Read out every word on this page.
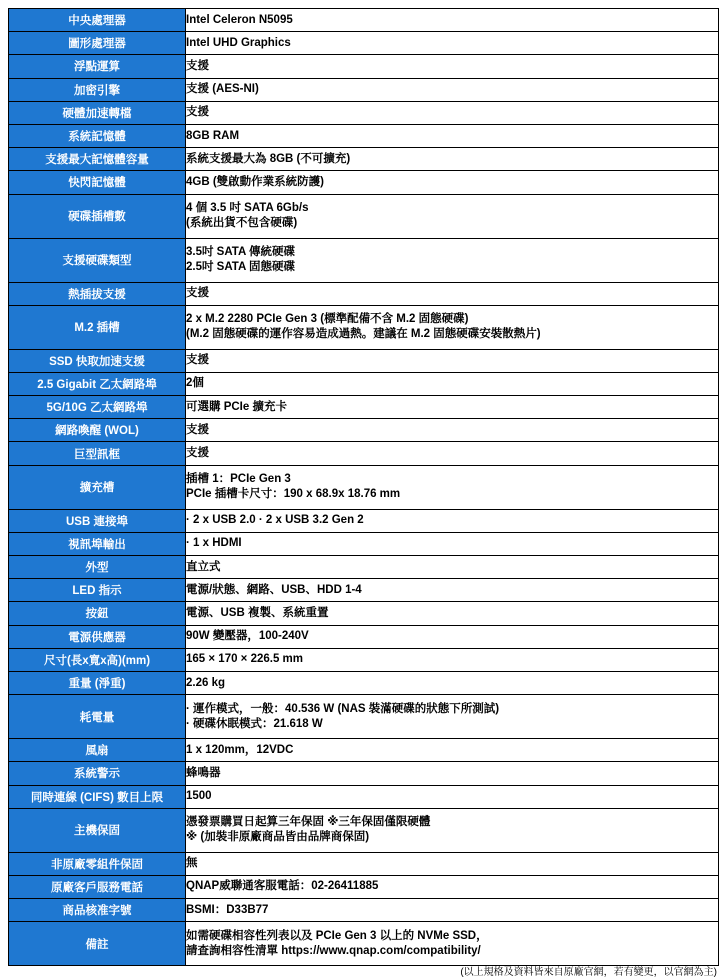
中央處理器	Intel Celeron N5095

圖形處理器	Intel UHD Graphics

浮點運算	支援

加密引擎	支援 (AES-NI)

硬體加速轉檔	支援

系統記憶體	8GB RAM

支援最大記憶體容量	系統支援最大為 8GB (不可擴充)

快閃記憶體	4GB (雙啟動作業系統防護)

硬碟插槽數	4 個 3.5 吋 SATA 6Gb/s
(系統出貨不包含硬碟)

支援硬碟類型	3.5吋 SATA 傳統硬碟
2.5吋 SATA 固態硬碟

熱插拔支援	支援

M.2 插槽	2 x M.2 2280 PCIe Gen 3 (標準配備不含 M.2 固態硬碟)
(M.2 固態硬碟的運作容易造成過熱。建議在 M.2 固態硬碟安裝散熱片)

SSD 快取加速支援	支援

2.5 Gigabit 乙太網路埠	2個

5G/10G 乙太網路埠	可選購 PCIe 擴充卡

網路喚醒 (WOL)	支援

巨型訊框	支援

擴充槽	插槽 1：PCIe Gen 3
PCIe 插槽卡尺寸：190 x 68.9x 18.76 mm

USB 連接埠	· 2 x USB 2.0 · 2 x USB 3.2 Gen 2

視訊埠輸出	· 1 x HDMI

外型	直立式

LED 指示	電源/狀態、網路、USB、HDD 1-4

按鈕	電源、USB 複製、系統重置

電源供應器	90W 變壓器，100-240V

尺寸(長x寬x高)(mm)	165 × 170 × 226.5 mm

重量 (淨重)	2.26 kg

耗電量	· 運作模式，一般：40.536 W (NAS 裝滿硬碟的狀態下所測試)
· 硬碟休眠模式：21.618 W

風扇	1 x 120mm，12VDC

系統警示	蜂鳴器

同時連線 (CIFS) 數目上限	1500

主機保固	憑發票購買日起算三年保固 ※三年保固僅限硬體
※ (加裝非原廠商品皆由品牌商保固)

非原廠零組件保固	無

原廠客戶服務電話	QNAP威聯通客服電話：02-26411885

商品核准字號	BSMI：D33B77

備註	如需硬碟相容性列表以及 PCIe Gen 3 以上的 NVMe SSD，
請查詢相容性清單 https://www.qnap.com/compatibility/
(以上規格及資料皆來自原廠官網，若有變更，以官網為主)
